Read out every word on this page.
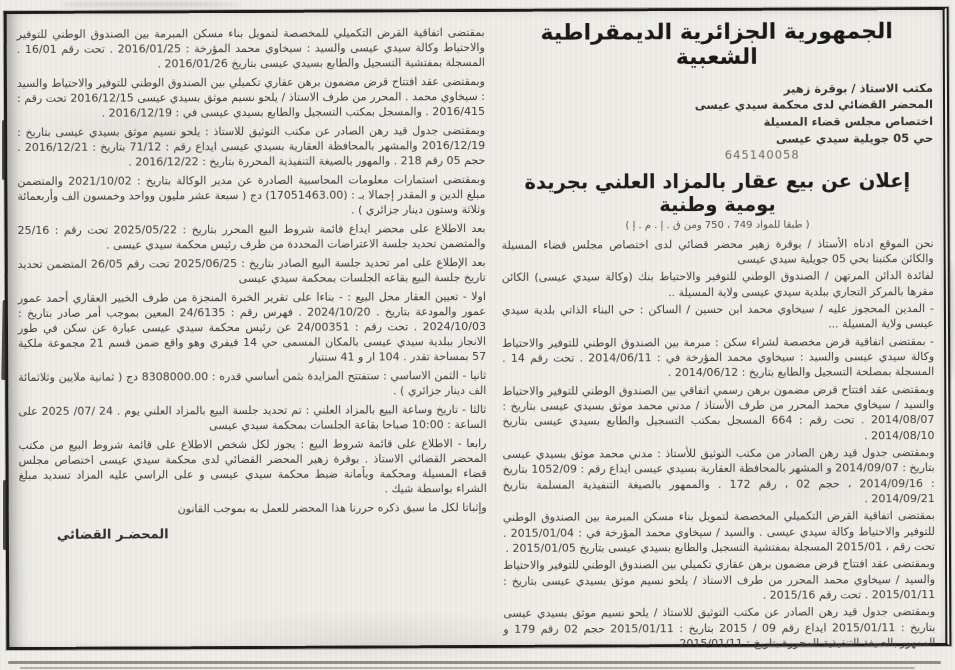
الجمهورية الجزائرية الديمقراطية الشعبية
مكتب الاستاذ / بوقرة زهير
المحضر القضائي لدى محكمة سيدي عيسى
اختصاص مجلس قضاء المسيلة
حي 05 جويلية سيدي عيسى
645140058
إعلان عن بيع عقار بالمزاد العلني بجريدة يومية وطنية
( طبقا للمواد 749 ، 750 ومن ق . إ . م . إ )
نحن الموقع ادناه الأستاذ / بوقرة زهير محضر قضائي لدى اختصاص مجلس قضاء المسيلة والكائن مكتبنا بحي 05 جويلية سيدي عيسى
لفائدة الدائن المرتهن / الصندوق الوطني للتوفير والاحتياط بنك (وكالة سيدي عيسى) الكائن مقرها بالمركز التجاري ببلدية سيدي عيسى ولاية المسيلة ..
- المدين المحجوز عليه / سيخاوي محمد ابن حسين / الساكن : حي البناء الذاتي بلدية سيدي عيسى ولاية المسيلة ...
- بمقتضى اتفاقية قرض مخصصة لشراء سكن : مبرمة بين الصندوق الوطني للتوفير والاحتياط وكالة سيدي عيسى والسيد : سيخاوي محمد المؤرخة في : 2014/06/11 . تحت رقم 14 . المسجلة بمصلحة التسجيل والطابع بتاريخ : 2014/06/12 .
وبمقتضى عقد افتتاح قرض مضمون برهن رسمي اتفاقي بين الصندوق الوطني للتوفير والاحتياط والسيد / سيخاوي محمد المحرر من طرف الأستاذ / مدني محمد موثق بسيدي عيسى بتاريخ : 2014/08/07 . تحت رقم : 664 المسجل بمكتب التسجيل والطابع بسيدي عيسى بتاريخ 2014/08/10 .
وبمقتضى جدول قيد رهن الصادر من مكتب التوثيق للأستاذ : مدني محمد موثق بسيدي عيسى بتاريخ : 2014/09/07 و المشهر بالمحافظة العقارية بسيدي عيسى ايداع رقم : 1052/09 بتاريخ : 2014/09/16 ، حجم 02 ، رقم 172 . والممهور بالصيغة التنفيذية المسلمة بتاريخ 2014/09/21 .
بمقتضى اتفاقية القرض التكميلي المخصصة لتمويل بناء مسكن المبرمة بين الصندوق الوطني للتوفير والاحتياط وكالة سيدي عيسى . والسيد / سيخاوي محمد المؤرخة في : 2015/01/04 . تحت رقم ، 2015/01 المسجلة بمفتشية التسجيل والطابع بسيدي عيسى بتاريخ 2015/01/05 .
وبمقتضى عقد افتتاح قرض مضمون برهن عقاري تكميلي بين الصندوق الوطني للتوفير والاحتياط والسيد / سيخاوي محمد المحرر من طرف الاستاذ / يلحو نسيم موثق بسيدي عيسى بتاريخ : 2015/01/11 . تحت رقم 2015/16 .
وبمقتضى جدول قيد رهن الصادر عن مكتب التوثيق للاستاذ / يلحو نسيم موثق بسيدي عيسى بتاريخ : 2015/01/11 ايداع رقم 09 / 2015 بتاريخ : 2015/01/11 حجم 02 رقم 179 و الممهور بالصيغة التنفيذية المحررة بتاريخ : 2015/01/11 .
بمقتضى اتفاقية القرض التكميلي للمخصصة لتمويل بناء مسكن المبرمة بين الصندوق الوطني للتوفير والاحتياط وكالة سيدي عيسى والسيد : سيخاوي محمد المؤرخة : 2016/01/25 . تحت رقم 16/01 . المسجلة بمفتشية التسجيل والطابع بسيدي عيسى بتاريخ 2016/01/26 .
وبمقتضى عقد افتتاح قرض مضمون برهن عقاري تكميلي بين الصندوق الوطني للتوفير والاحتياط والسيد : سيخاوي محمد . المحرر من طرف الاستاذ / يلحو نسيم موثق بسيدي عيسى 2016/12/15 تحت رقم : 2016/415 . والمسجل بمكتب التسجيل والطابع بسيدي عيسى في : 2016/12/19 .
وبمقتضى جدول قيد رهن الصادر عن مكتب التوثيق للاستاذ : يلحو نسيم موثق بسيدي عيسى بتاريخ : 2016/12/19 والمشهر بالمحافظة العقارية بسيدي عيسى ايداع رقم : 71/12 بتاريخ : 2016/12/21 . حجم 05 رقم 218 . والمهور بالصيغة التنفيذية المحررة بتاريخ : 2016/12/22 .
وبمقتضى استمارات معلومات المحاسبية الصادرة عن مدير الوكالة بتاريخ : 2021/10/02 والمتضمن مبلغ الدين و المقدر إجمالا بـ : (17051463.00) دج ( سبعة عشر مليون وواحد وخمسون الف وأربعمائة وثلاثة وستون دينار جزائري ) .
بعد الاطلاع على محضر ايداع قائمة شروط البيع المحرر بتاريخ : 2025/05/22 تحت رقم : 25/16 والمتضمن تحديد جلسة الاعتراضات المحددة من طرف رئيس محكمة سيدي عيسى .
بعد الإطلاع على امر تحديد جلسة البيع الصادر بتاريخ : 2025/06/25 تحت رقم 26/05 المتضمن تحديد تاريخ جلسة البيع بقاعه الجلسات بمحكمة سيدي عيسى
اولا - تعيين العقار محل البيع : - بناءا على تقرير الخبرة المنجزة من طرف الخبير العقاري أحمد عمور عمور والمودعة بتاريخ . 2024/10/20 . فهرس رقم : 24/6135 المعين بموجب أمر صادر بتاريخ : 2024/10/03 . تحت رقم : 24/00351 عن رئيس محكمة سيدي عيسى عبارة عن سكن في طور الانجاز ببلدية سيدي عيسى بالمكان المسمى حي 14 فيفري وهو واقع ضمن قسم 21 مجموعة ملكية 57 بمساحة تقدر . 104 ار و 41 سنتيار
ثانيا - الثمن الاساسي : ستفتتح المزايدة بثمن أساسي قدره : 8308000.00 دج ( ثمانية ملايين وثلاثمائة الف دينار جزائري ) .
ثالثا - تاريخ وساعة البيع بالمزاد العلني : تم تحديد جلسة البيع بالمزاد العلني يوم . 24 /07/ 2025 على الساعة : 10:00 صباحا بقاعة الجلسات بمحكمة سيدي عيسى
رابعا - الاطلاع على قائمة شروط البيع : يجوز لكل شخص الاطلاع على قائمة شروط البيع من مكتب المحضر القضائي الاستاذ . بوقرة زهير المحضر القضائي لدى محكمة سيدي عيسى اختصاص مجلس قضاء المسيلة ومحكمة وبأمانة ضبط محكمة سيدي عيسى و على الراسي عليه المزاد تسديد مبلغ الشراء بواسطة شيك .
وإثباتا لكل ما سبق ذكره حررنا هذا المحضر للعمل به بموجب القانون
المحضـر القضائي
